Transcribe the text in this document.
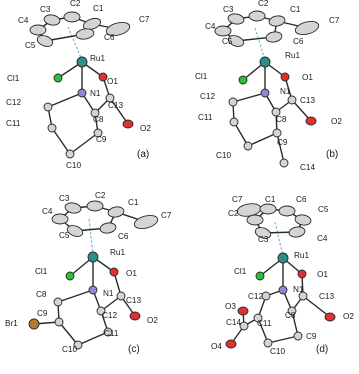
C1
C2
C3
C4
C5
C6
C7
Ru1
Cl1	O1
N1
C12	C13
C8
O2
C11
C9
C10
(a)
C3
C2
C1
C7
C4
C5	C6
Ru1
Cl1	O1
N1
C12	C13
C11	C8	O2
C10
C9
C14
(b)
C3	C2
C4
C1
C7
C5	C6
Ru1
Cl1	O1
C8	N1
C13
Br1
C9	C12
O2
C11
C10	(c)
C7	C1	C6
C2	C5
C3	C4
Ru1
Cl1	O1
C12
N1
O3
C13
C14 C11
C8	O2
O4
C10
C9
(d)
